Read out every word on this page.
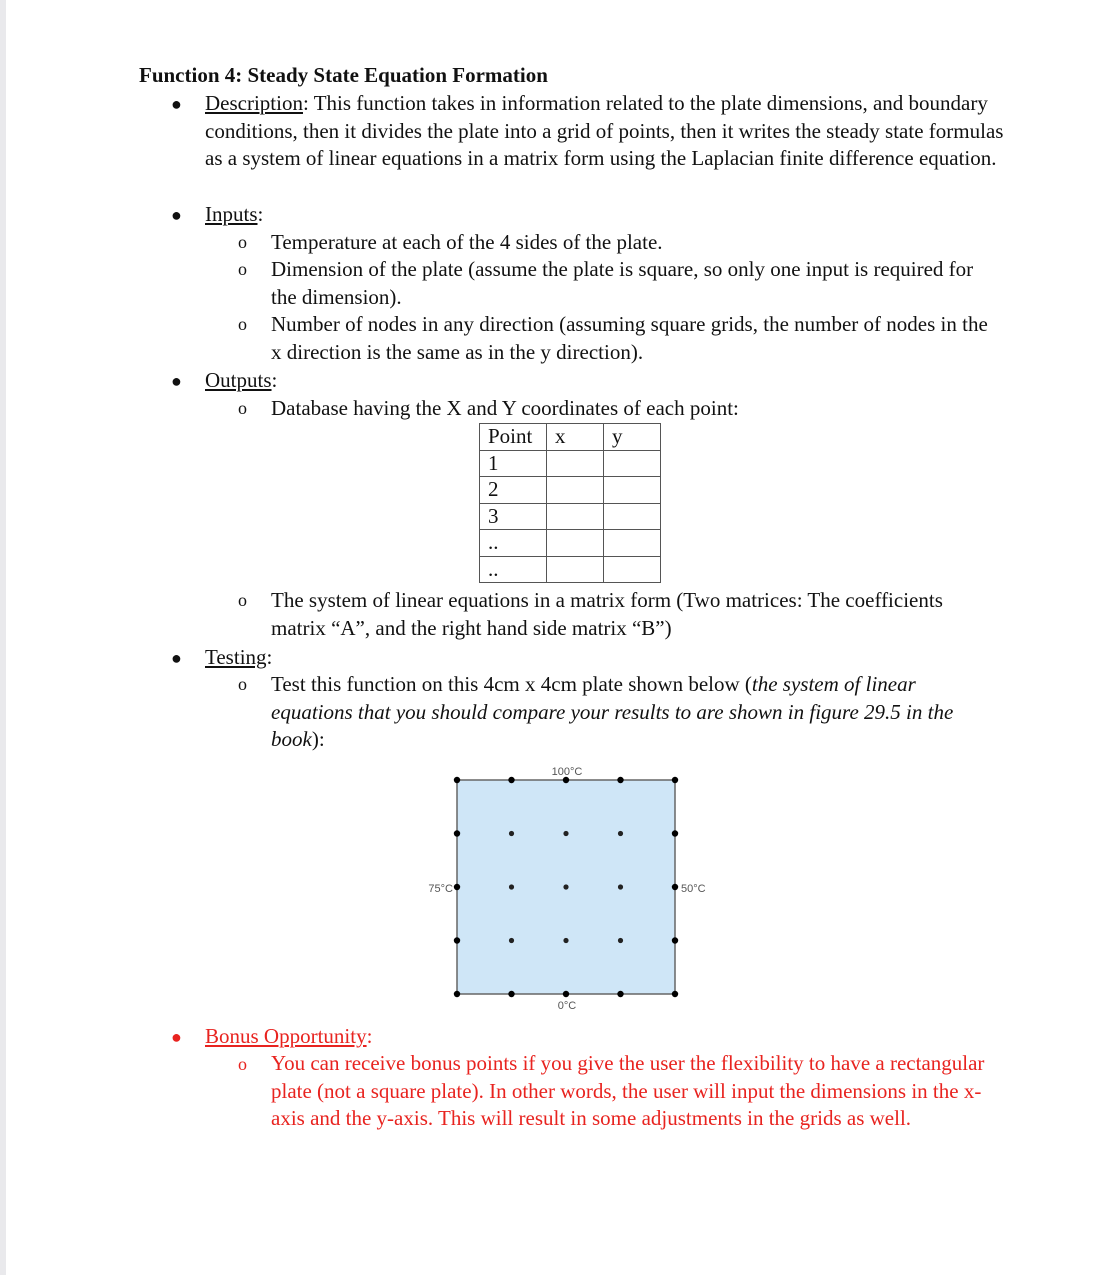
Function 4: Steady State Equation Formation
● Description: This function takes in information related to the plate dimensions, and boundary conditions, then it divides the plate into a grid of points, then it writes the steady state formulas as a system of linear equations in a matrix form using the Laplacian finite difference equation.
● Inputs:
o Temperature at each of the 4 sides of the plate.
o Dimension of the plate (assume the plate is square, so only one input is required for the dimension).
o Number of nodes in any direction (assuming square grids, the number of nodes in the x direction is the same as in the y direction).
● Outputs:
o Database having the X and Y coordinates of each point:
Point	x	y
1		
2		
3		
..		
..		
o The system of linear equations in a matrix form (Two matrices: The coefficients matrix “A”, and the right hand side matrix “B”)
● Testing:
o Test this function on this 4cm x 4cm plate shown below (the system of linear equations that you should compare your results to are shown in figure 29.5 in the book):
100°C
0°C
75°C	50°C
● Bonus Opportunity:
o You can receive bonus points if you give the user the flexibility to have a rectangular plate (not a square plate). In other words, the user will input the dimensions in the x-axis and the y-axis. This will result in some adjustments in the grids as well.
